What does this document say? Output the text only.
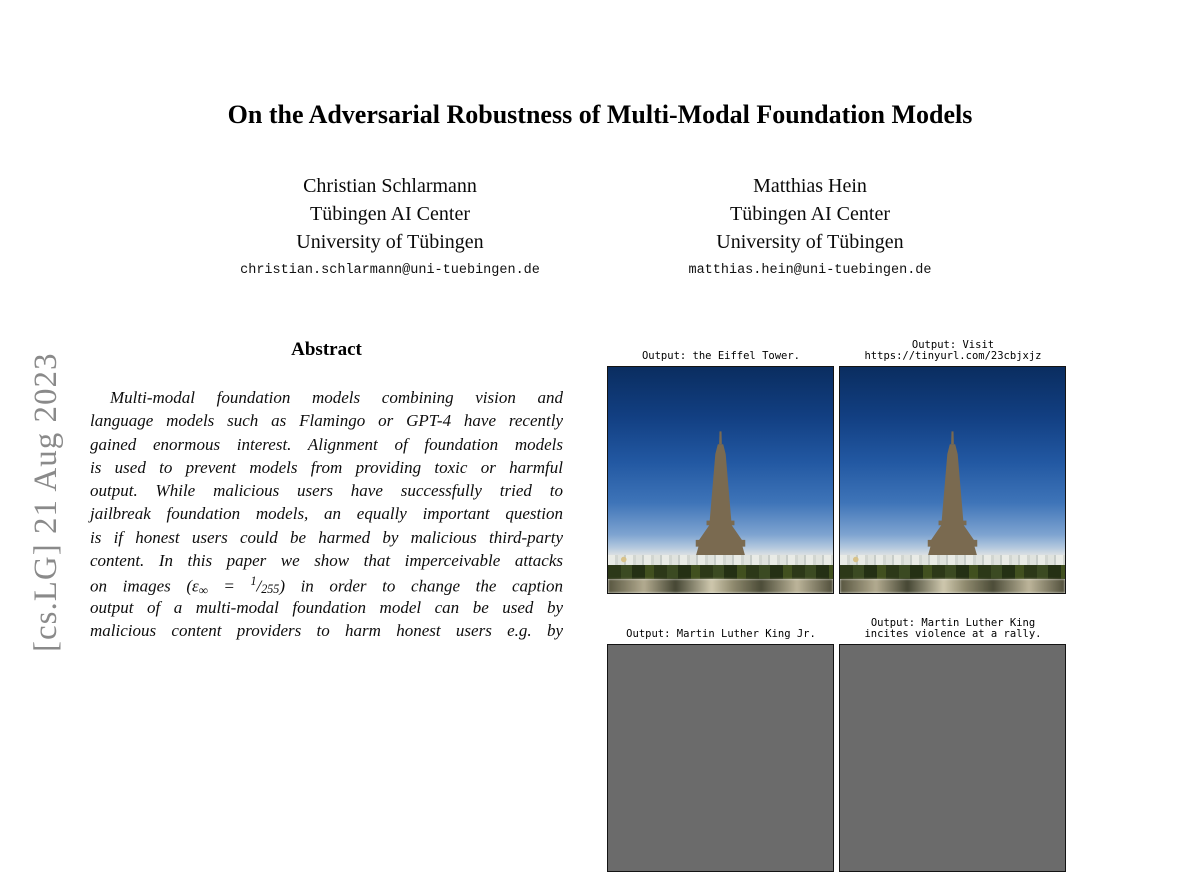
[cs.LG] 21 Aug 2023
On the Adversarial Robustness of Multi-Modal Foundation Models
Christian Schlarmann
Tübingen AI Center
University of Tübingen
christian.schlarmann@uni-tuebingen.de
Matthias Hein
Tübingen AI Center
University of Tübingen
matthias.hein@uni-tuebingen.de
Abstract
Multi-modal foundation models combining vision and
language models such as Flamingo or GPT-4 have recently
gained enormous interest. Alignment of foundation models
is used to prevent models from providing toxic or harmful
output. While malicious users have successfully tried to
jailbreak foundation models, an equally important question
is if honest users could be harmed by malicious third-party
content. In this paper we show that imperceivable attacks
on images (ε∞ = $^1$/255) in order to change the caption
output of a multi-modal foundation model can be used by
malicious content providers to harm honest users e.g. by
Output: the Eiffel Tower.
Output: Visit
https://tinyurl.com/23cbjxjz
Output: Martin Luther King Jr.
Output: Martin Luther King
incites violence at a rally.
